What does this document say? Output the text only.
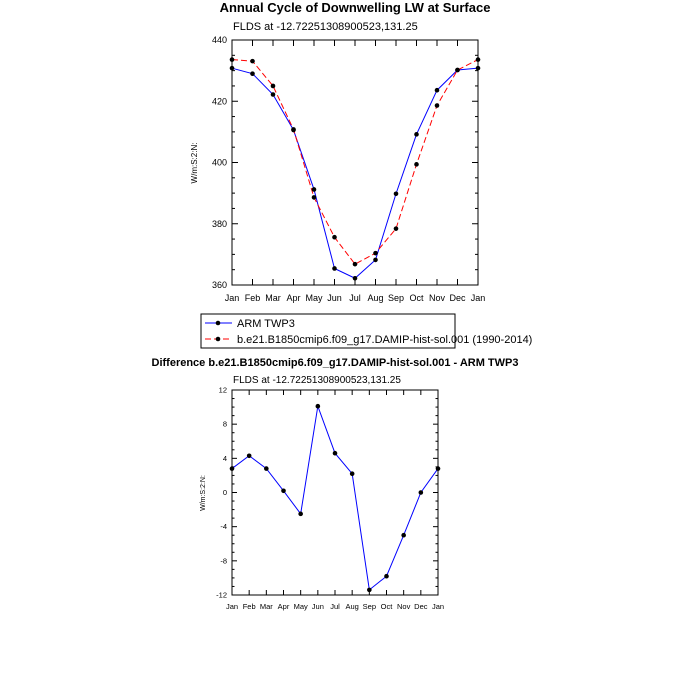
Annual Cycle of Downwelling LW at Surface
FLDS at -12.72251308900523,131.25
W/m:S:2:N:
Jan Feb Mar Apr May Jun Jul Aug Sep Oct Nov Dec Jan
360
380
400
420
440
ARM TWP3
b.e21.B1850cmip6.f09_g17.DAMIP-hist-sol.001 (1990-2014)
Difference b.e21.B1850cmip6.f09_g17.DAMIP-hist-sol.001 - ARM TWP3
FLDS at -12.72251308900523,131.25
W/m:S:2:N:
Jan Feb Mar Apr May Jun Jul Aug Sep Oct Nov Dec Jan
-12
-8
-4
0
4
8
12
